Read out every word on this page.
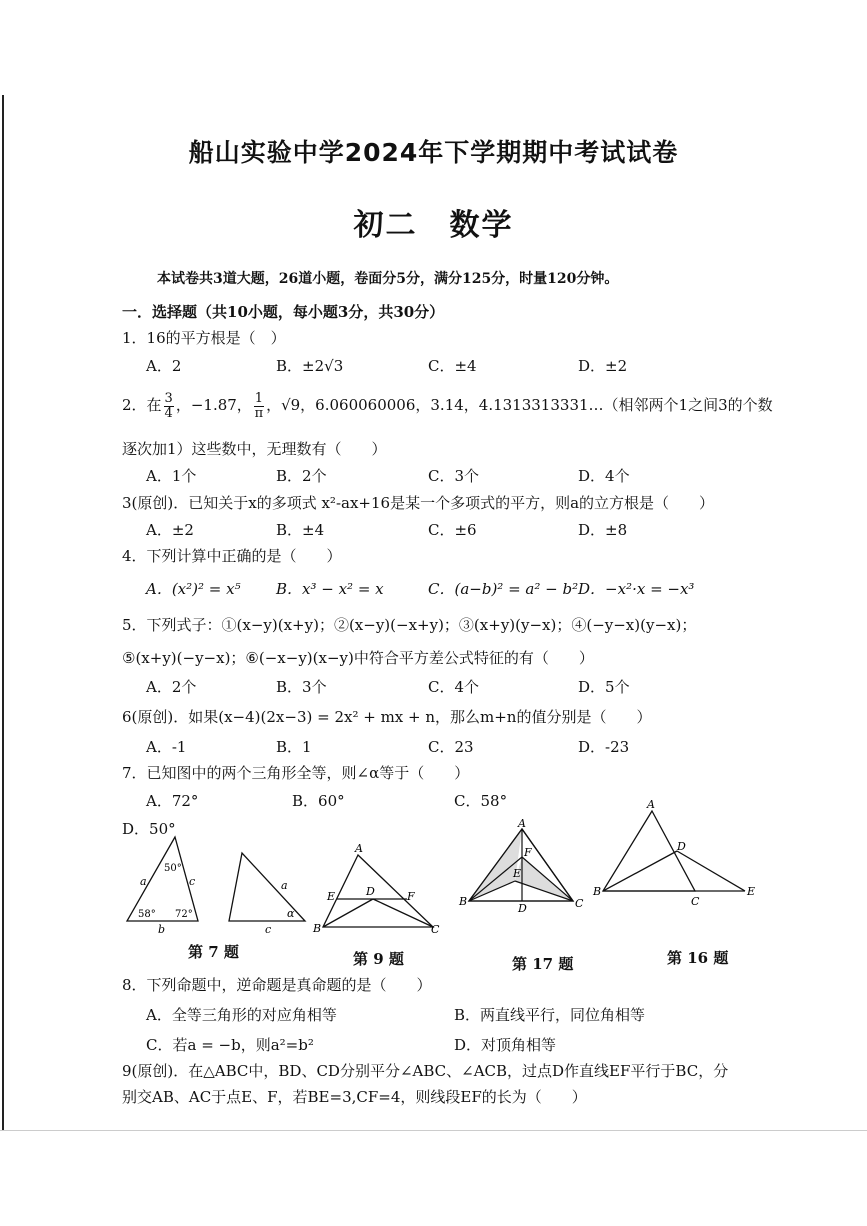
船山实验中学2024年下学期期中考试试卷
初二　数学
本试卷共3道大题，26道小题，卷面分5分，满分125分，时量120分钟。
一．选择题（共10小题，每小题3分，共30分）
1．16的平方根是（　）
A．2	B．±2√3	C．±4	D．±2
2．在 $\frac{3}{4}$ ，−1.87， $\frac{1}{\pi}$ ，√9，6.060060006，3.14，4.1313313331…（相邻两个1之间3的个数
逐次加1）这些数中，无理数有（　　）
A．1个	B．2个	C．3个	D．4个
3(原创)．已知关于x的多项式 x²-ax+16是某一个多项式的平方，则a的立方根是（　　）
A．±2	B．±4	C．±6	D．±8
4．下列计算中正确的是（　　）
A．(x²)² = x⁵ B．x³ − x² = x	C．(a−b)² = a² − b² D．−x²·x = −x³
5．下列式子：①(x−y)(x+y)；②(x−y)(−x+y)；③(x+y)(y−x)；④(−y−x)(y−x)；
⑤(x+y)(−y−x)；⑥(−x−y)(x−y)中符合平方差公式特征的有（　　）
A．2个	B．3个	C．4个	D．5个
6(原创)．如果(x−4)(2x−3) = 2x² + mx + n，那么m+n的值分别是（　　）
A．-1	B．1	C．23	D．-23
7．已知图中的两个三角形全等，则∠α等于（　　）
A．72°	B．60°	C．58°
D．50°
50°
a	c
58° 72°
b
a
c
α
A
E	D	F
B	C
A
F
E
B	C
D
A
D
B
C
E
第 7 题	第 9 题	第 17 题	第 16 题
8．下列命题中，逆命题是真命题的是（　　）
A．全等三角形的对应角相等	B．两直线平行，同位角相等
C．若a = −b，则a²=b²	D．对顶角相等
9(原创)．在△ABC中，BD、CD分别平分∠ABC、∠ACB，过点D作直线EF平行于BC，分
别交AB、AC于点E、F，若BE=3,CF=4，则线段EF的长为（　　）
